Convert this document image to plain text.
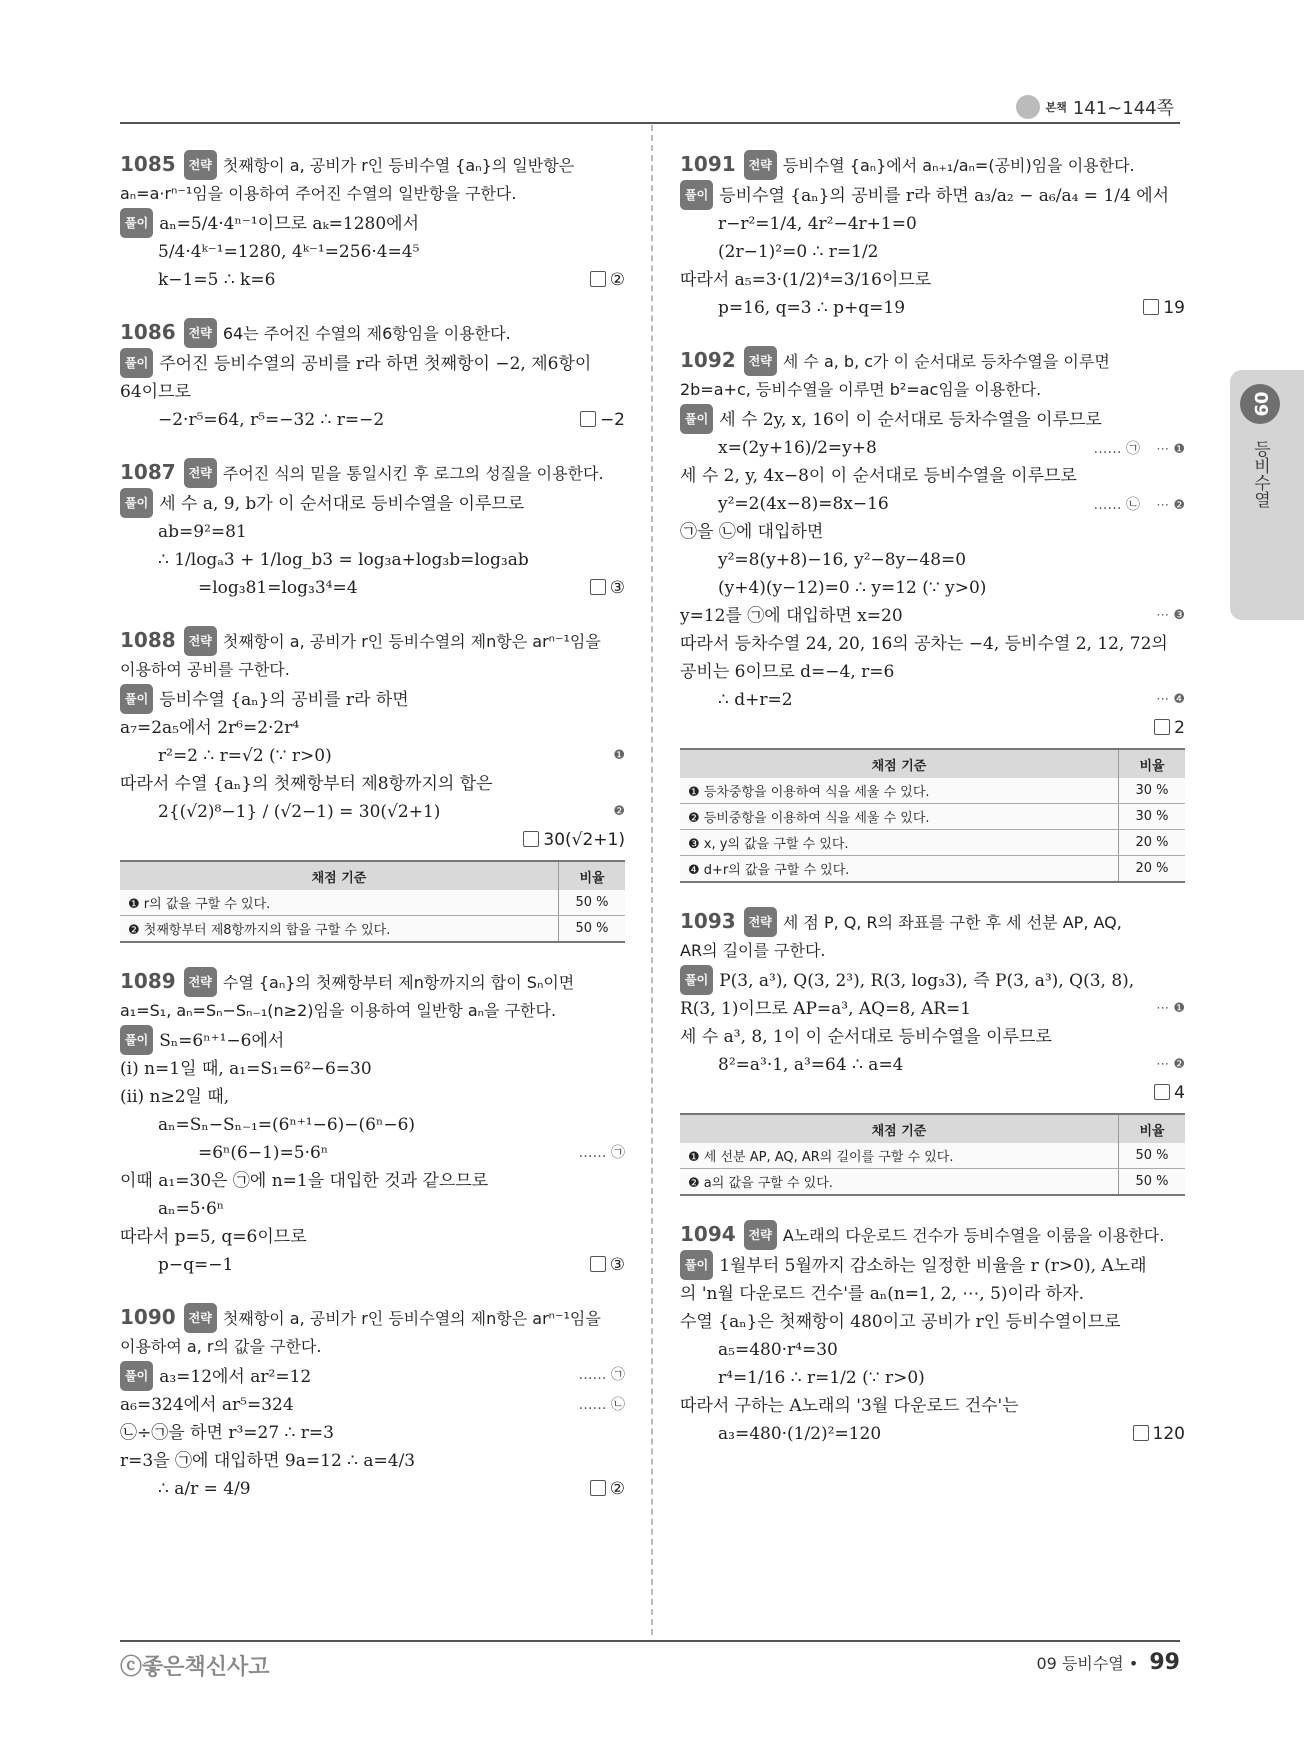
본책 141~144쪽
1085 전략 첫째항이 a, 공비가 r인 등비수열 {aₙ}의 일반항은
aₙ=a·rⁿ⁻¹임을 이용하여 주어진 수열의 일반항을 구한다.
풀이 aₙ=5/4·4ⁿ⁻¹이므로 aₖ=1280에서
5/4·4ᵏ⁻¹=1280, 4ᵏ⁻¹=256·4=4⁵
k−1=5 ∴ k=6	②
1086 전략 64는 주어진 수열의 제6항임을 이용한다.
풀이 주어진 등비수열의 공비를 r라 하면 첫째항이 −2, 제6항이
64이므로
−2·r⁵=64, r⁵=−32 ∴ r=−2	−2
1087 전략 주어진 식의 밑을 통일시킨 후 로그의 성질을 이용한다.
풀이 세 수 a, 9, b가 이 순서대로 등비수열을 이루므로
ab=9²=81
∴ 1/logₐ3 + 1/log_b3 = log₃a+log₃b=log₃ab
=log₃81=log₃3⁴=4	③
1088 전략 첫째항이 a, 공비가 r인 등비수열의 제n항은 arⁿ⁻¹임을
이용하여 공비를 구한다.
풀이 등비수열 {aₙ}의 공비를 r라 하면
a₇=2a₅에서 2r⁶=2·2r⁴
r²=2 ∴ r=√2 (∵ r>0)	❶
따라서 수열 {aₙ}의 첫째항부터 제8항까지의 합은
2{(√2)⁸−1} / (√2−1) = 30(√2+1)	❷
30(√2+1)
채점 기준	비율
❶ r의 값을 구할 수 있다.	50 %
❷ 첫째항부터 제8항까지의 합을 구할 수 있다.	50 %
1089 전략 수열 {aₙ}의 첫째항부터 제n항까지의 합이 Sₙ이면
a₁=S₁, aₙ=Sₙ−Sₙ₋₁(n≥2)임을 이용하여 일반항 aₙ을 구한다.
풀이 Sₙ=6ⁿ⁺¹−6에서
(i) n=1일 때, a₁=S₁=6²−6=30
(ii) n≥2일 때,
aₙ=Sₙ−Sₙ₋₁=(6ⁿ⁺¹−6)−(6ⁿ−6)
=6ⁿ(6−1)=5·6ⁿ	…… ㉠
이때 a₁=30은 ㉠에 n=1을 대입한 것과 같으므로
aₙ=5·6ⁿ
따라서 p=5, q=6이므로
p−q=−1	③
1090 전략 첫째항이 a, 공비가 r인 등비수열의 제n항은 arⁿ⁻¹임을
이용하여 a, r의 값을 구한다.
풀이 a₃=12에서 ar²=12	…… ㉠
a₆=324에서 ar⁵=324	…… ㉡
㉡÷㉠을 하면 r³=27 ∴ r=3
r=3을 ㉠에 대입하면 9a=12 ∴ a=4/3
∴ a/r = 4/9	②
1091 전략 등비수열 {aₙ}에서 aₙ₊₁/aₙ=(공비)임을 이용한다.
풀이 등비수열 {aₙ}의 공비를 r라 하면 a₃/a₂ − a₆/a₄ = 1/4 에서
r−r²=1/4, 4r²−4r+1=0
(2r−1)²=0 ∴ r=1/2
따라서 a₅=3·(1/2)⁴=3/16이므로
p=16, q=3 ∴ p+q=19	19
1092 전략 세 수 a, b, c가 이 순서대로 등차수열을 이루면
2b=a+c, 등비수열을 이루면 b²=ac임을 이용한다.
풀이 세 수 2y, x, 16이 이 순서대로 등차수열을 이루므로
x=(2y+16)/2=y+8	…… ㉠ ⋯ ❶
세 수 2, y, 4x−8이 이 순서대로 등비수열을 이루므로
y²=2(4x−8)=8x−16	…… ㉡ ⋯ ❷
㉠을 ㉡에 대입하면
y²=8(y+8)−16, y²−8y−48=0
(y+4)(y−12)=0 ∴ y=12 (∵ y>0)
y=12를 ㉠에 대입하면 x=20	⋯ ❸
따라서 등차수열 24, 20, 16의 공차는 −4, 등비수열 2, 12, 72의
공비는 6이므로 d=−4, r=6
∴ d+r=2	⋯ ❹
2
채점 기준	비율
❶ 등차중항을 이용하여 식을 세울 수 있다.	30 %
❷ 등비중항을 이용하여 식을 세울 수 있다.	30 %
❸ x, y의 값을 구할 수 있다.	20 %
❹ d+r의 값을 구할 수 있다.	20 %
1093 전략 세 점 P, Q, R의 좌표를 구한 후 세 선분 AP, AQ,
AR의 길이를 구한다.
풀이 P(3, a³), Q(3, 2³), R(3, log₃3), 즉 P(3, a³), Q(3, 8),
R(3, 1)이므로 AP=a³, AQ=8, AR=1	⋯ ❶
세 수 a³, 8, 1이 이 순서대로 등비수열을 이루므로
8²=a³·1, a³=64 ∴ a=4	⋯ ❷
4
채점 기준	비율
❶ 세 선분 AP, AQ, AR의 길이를 구할 수 있다.	50 %
❷ a의 값을 구할 수 있다.	50 %
1094 전략 A노래의 다운로드 건수가 등비수열을 이룸을 이용한다.
풀이 1월부터 5월까지 감소하는 일정한 비율을 r (r>0), A노래
의 'n월 다운로드 건수'를 aₙ(n=1, 2, ⋯, 5)이라 하자.
수열 {aₙ}은 첫째항이 480이고 공비가 r인 등비수열이므로
a₅=480·r⁴=30
r⁴=1/16 ∴ r=1/2 (∵ r>0)
따라서 구하는 A노래의 '3월 다운로드 건수'는
a₃=480·(1/2)²=120	120
09
등비수열
ⓒ좋은책신사고	09 등비수열 • 99
